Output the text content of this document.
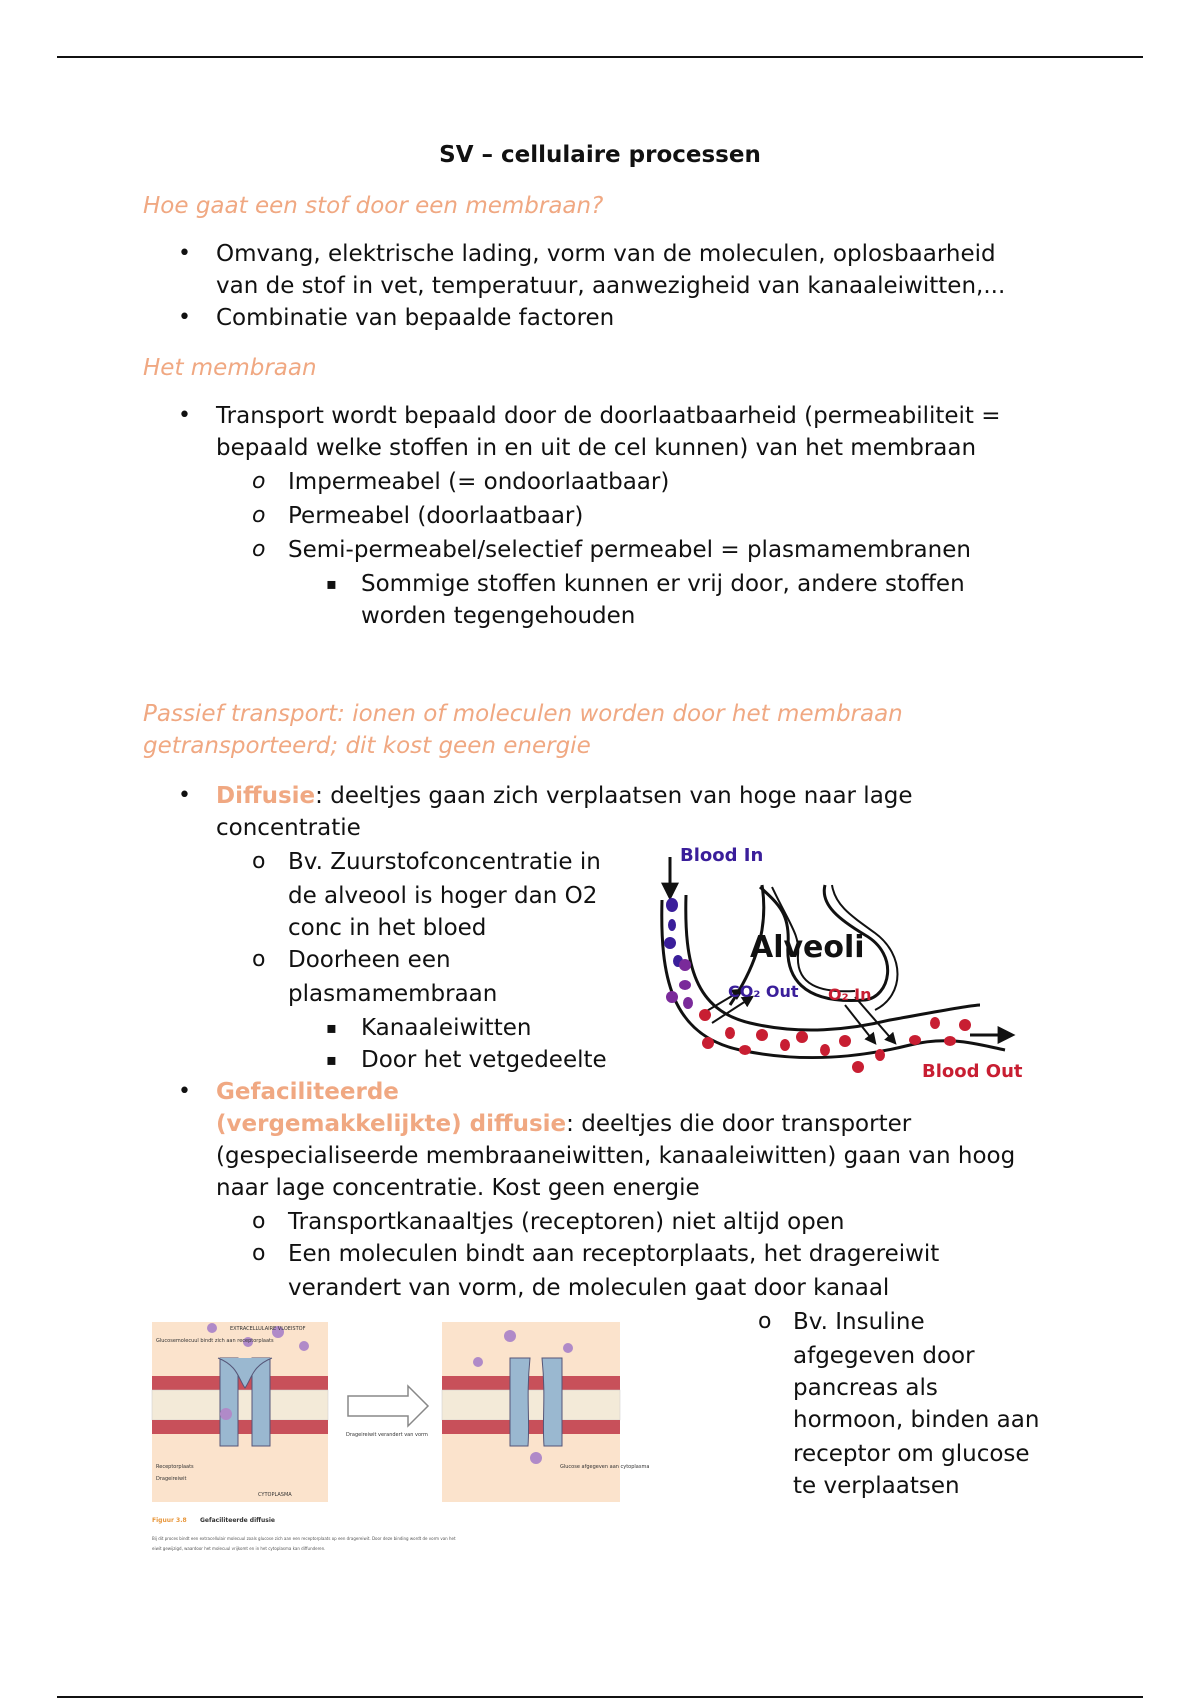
SV – cellulaire processen
Hoe gaat een stof door een membraan?
• Omvang, elektrische lading, vorm van de moleculen, oplosbaarheid
van de stof in vet, temperatuur, aanwezigheid van kanaaleiwitten,...
• Combinatie van bepaalde factoren
Het membraan
• Transport wordt bepaald door de doorlaatbaarheid (permeabiliteit =
bepaald welke stoffen in en uit de cel kunnen) van het membraan
o Impermeabel (= ondoorlaatbaar)
o Permeabel (doorlaatbaar)
o Semi-permeabel/selectief permeabel = plasmamembranen
▪ Sommige stoffen kunnen er vrij door, andere stoffen
worden tegengehouden
Passief transport: ionen of moleculen worden door het membraan
getransporteerd; dit kost geen energie
• Diffusie: deeltjes gaan zich verplaatsen van hoge naar lage
concentratie
o Bv. Zuurstofconcentratie in
de alveool is hoger dan O2
conc in het bloed
o Doorheen een
plasmamembraan
▪ Kanaaleiwitten
▪ Door het vetgedeelte
• Gefaciliteerde
(vergemakkelijkte) diffusie: deeltjes die door transporter
(gespecialiseerde membraaneiwitten, kanaaleiwitten) gaan van hoog
naar lage concentratie. Kost geen energie
o Transportkanaaltjes (receptoren) niet altijd open
o Een moleculen bindt aan receptorplaats, het dragereiwit
verandert van vorm, de moleculen gaat door kanaal
o Bv. Insuline
afgegeven door
pancreas als
hormoon, binden aan
receptor om glucose
te verplaatsen
Blood In
Alveoli
CO₂ Out O₂ In
Blood Out
EXTRACELLULAIRE VLOEISTOF
Glucosemolecuul bindt zich aan receptorplaats
Receptorplaats
Drageireiwit
CYTOPLASMA
Drageireiwit verandert van vorm
Glucose afgegeven aan cytoplasma
Figuur 3.8 Gefaciliteerde diffusie
Bij dit proces bindt een extracellulair molecuul zoals glucose zich aan een receptorplaats op een dragereiwit. Door deze binding wordt de vorm van het
eiwit gewijzigd, waardoor het molecuul vrijkomt en in het cytoplasma kan diffunderen.
